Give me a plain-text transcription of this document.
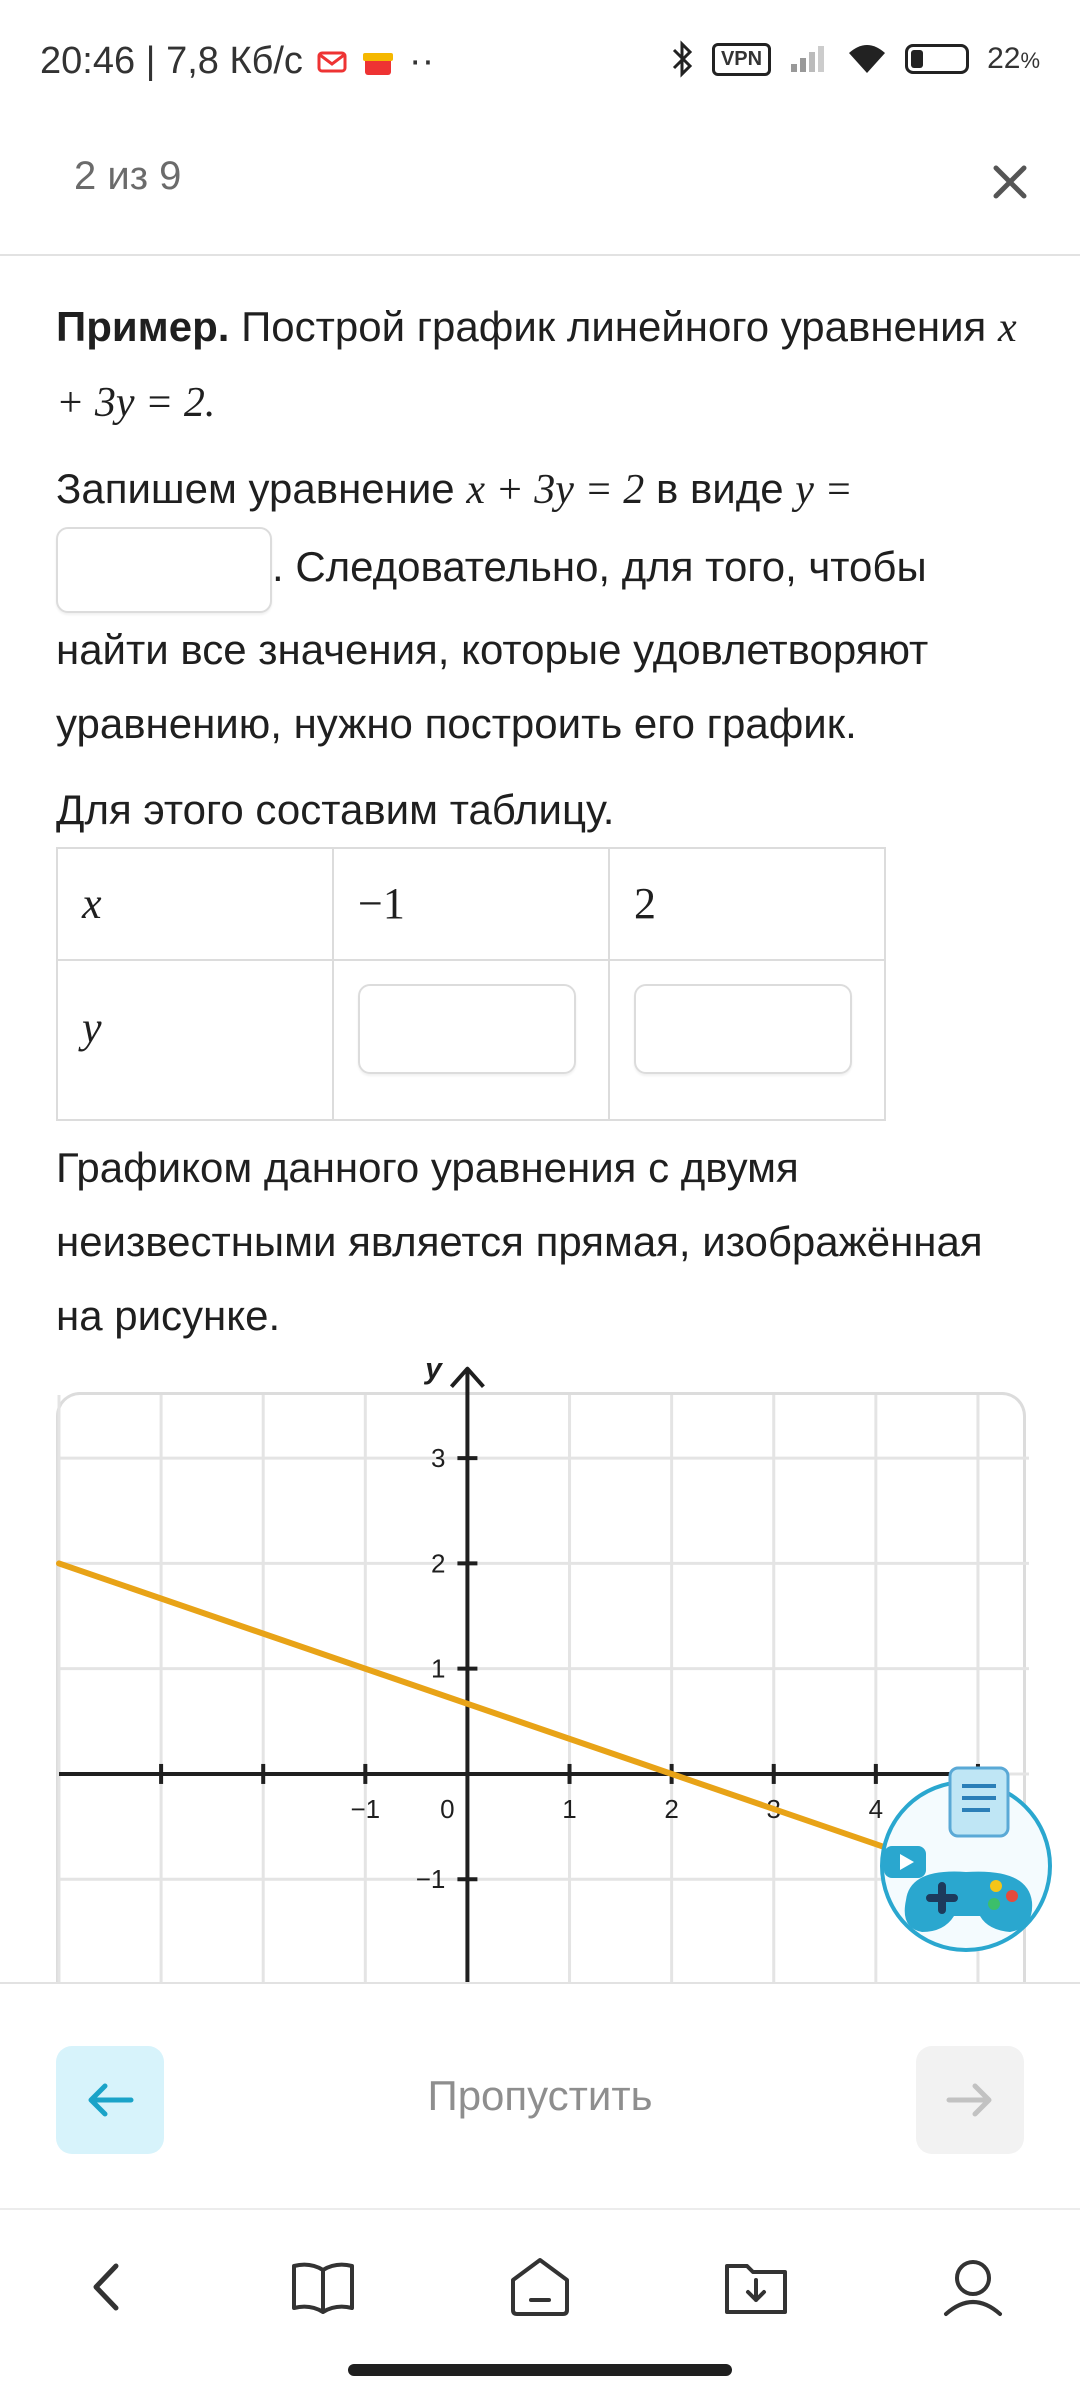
20:46 | 7,8 Кб/с	··	VPN	22%
2 из 9

Пример. Построй график линейного уравнения x + 3y = 2.

Запишем уравнение x + 3y = 2 в виде y =
. Следовательно, для того, чтобы найти все значения, которые удовлетворяют уравнению, нужно построить его график.

Для этого составим таблицу.

x	−1	2
y		

Графиком данного уравнения с двумя неизвестными является прямая, изображённая на рисунке.

−1 0	1	2	3	4
3
2
1
−1
y
Пропустить
